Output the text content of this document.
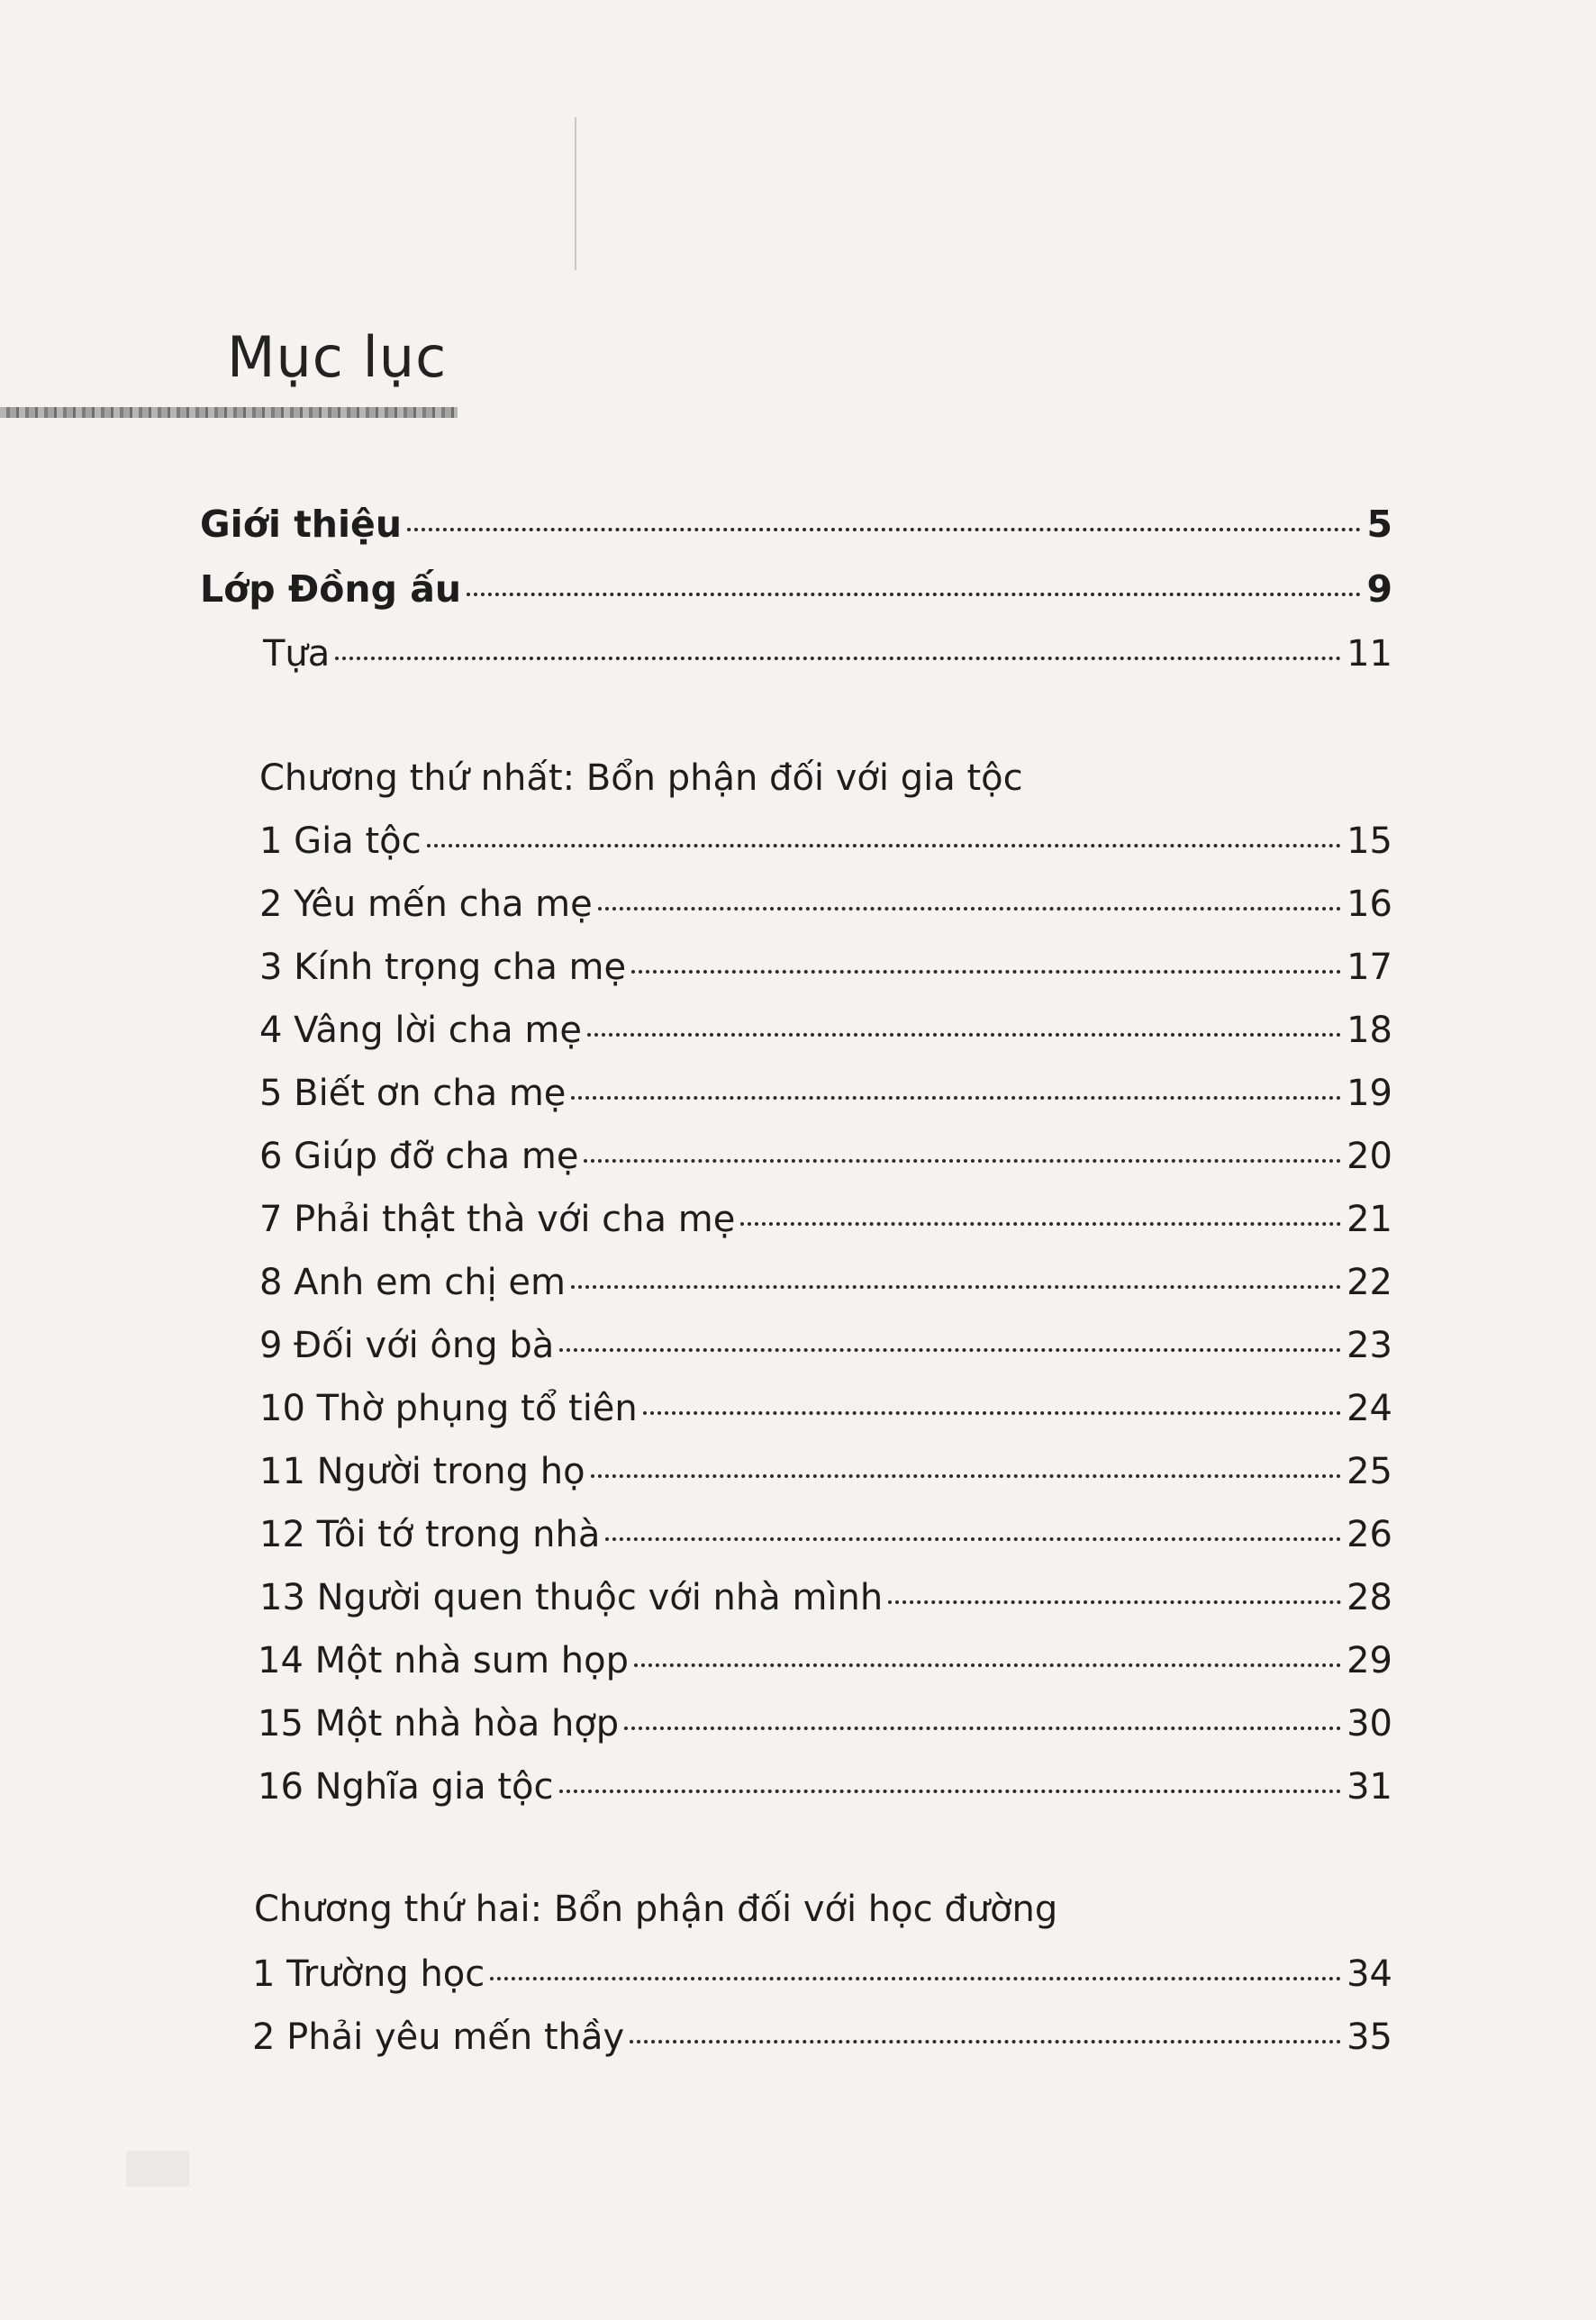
Mục lục
Giới thiệu	5
Lớp Đồng ấu	9
Tựa	11
Chương thứ nhất: Bổn phận đối với gia tộc
1 Gia tộc	15
2 Yêu mến cha mẹ	16
3 Kính trọng cha mẹ	17
4 Vâng lời cha mẹ	18
5 Biết ơn cha mẹ	19
6 Giúp đỡ cha mẹ	20
7 Phải thật thà với cha mẹ	21
8 Anh em chị em	22
9 Đối với ông bà	23
10 Thờ phụng tổ tiên	24
11 Người trong họ	25
12 Tôi tớ trong nhà	26
13 Người quen thuộc với nhà mình	28
14 Một nhà sum họp	29
15 Một nhà hòa hợp	30
16 Nghĩa gia tộc	31
Chương thứ hai: Bổn phận đối với học đường
1 Trường học	34
2 Phải yêu mến thầy	35
